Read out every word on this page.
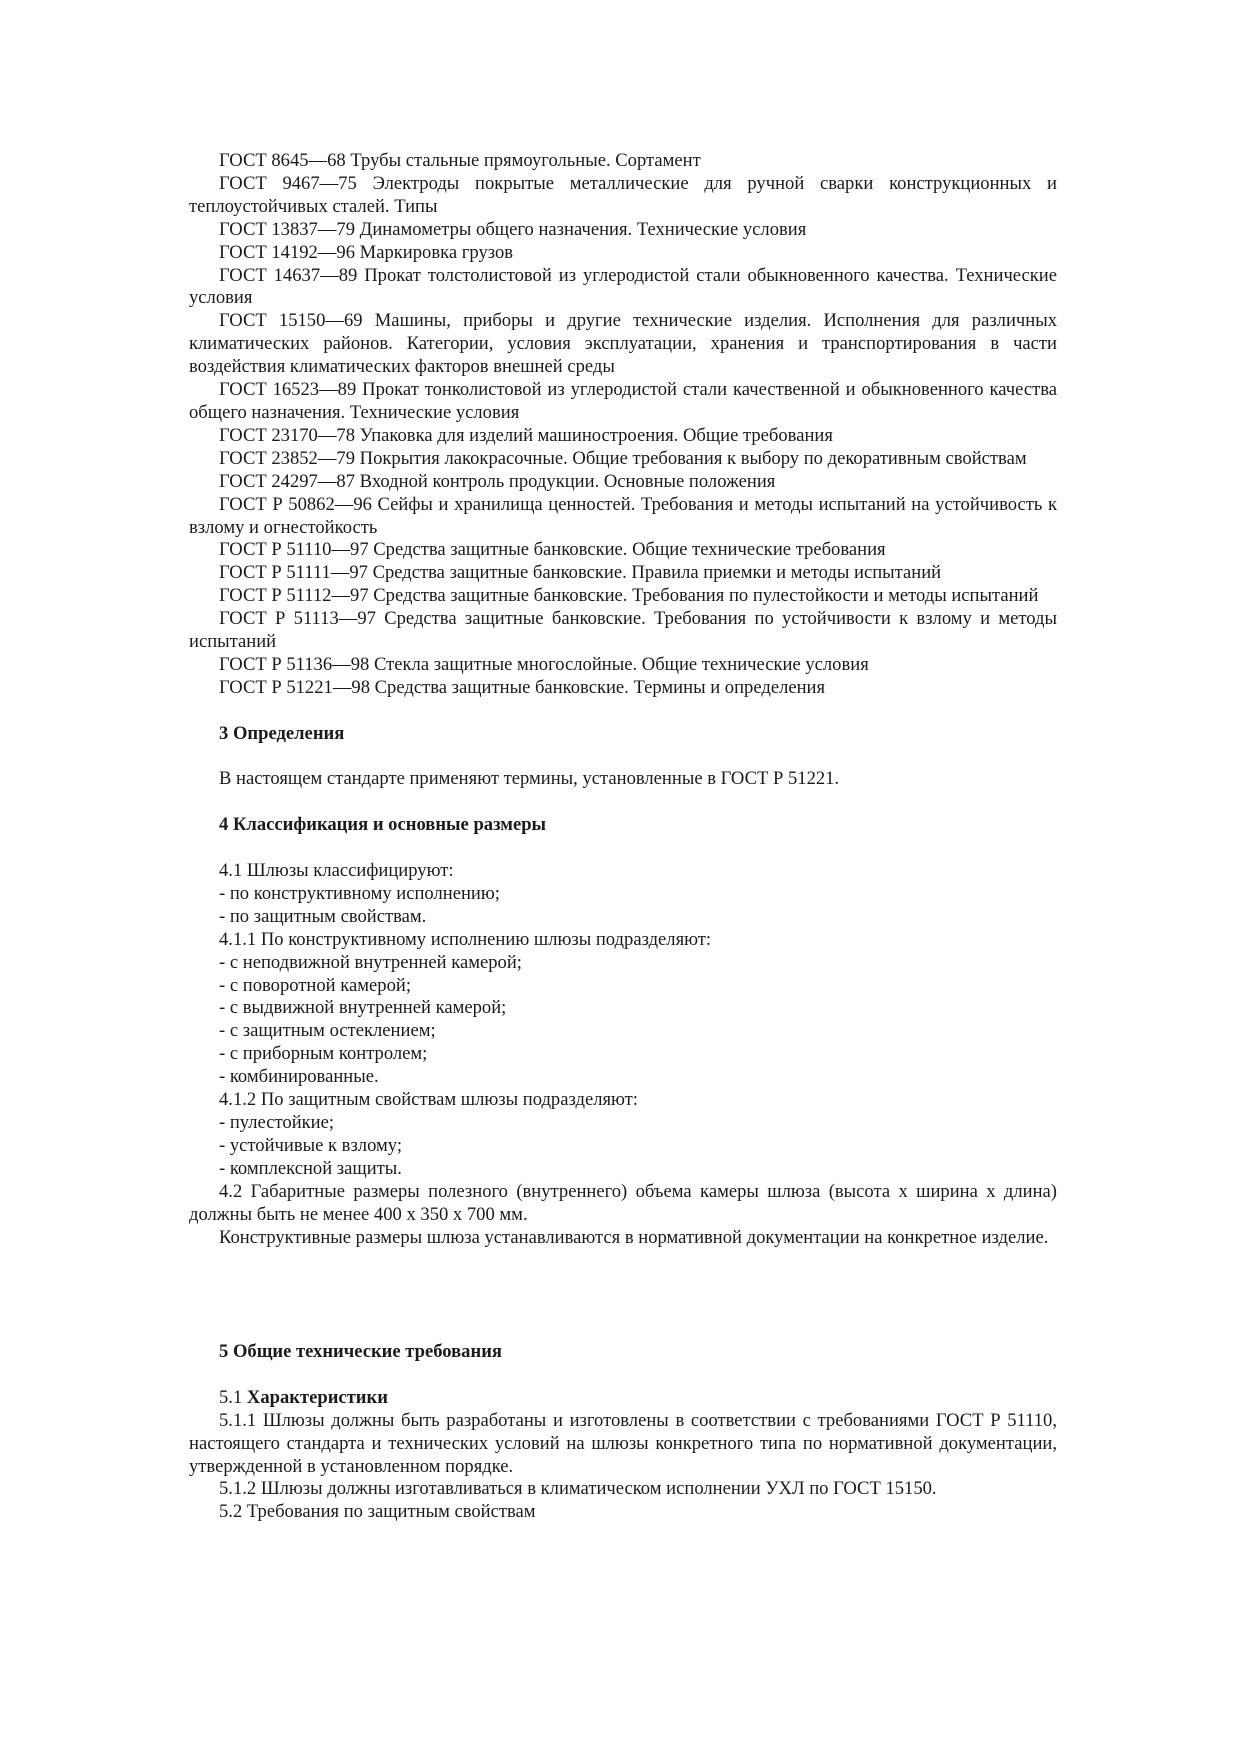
ГОСТ 8645—68 Трубы стальные прямоугольные. Сортамент

ГОСТ 9467—75 Электроды покрытые металлические для ручной сварки конструкционных и теплоустойчивых сталей. Типы

ГОСТ 13837—79 Динамометры общего назначения. Технические условия

ГОСТ 14192—96 Маркировка грузов

ГОСТ 14637—89 Прокат толстолистовой из углеродистой стали обыкновенного качества. Технические условия

ГОСТ 15150—69 Машины, приборы и другие технические изделия. Исполнения для различных климатических районов. Категории, условия эксплуатации, хранения и транспортирования в части воздействия климатических факторов внешней среды

ГОСТ 16523—89 Прокат тонколистовой из углеродистой стали качественной и обыкновенного качества общего назначения. Технические условия

ГОСТ 23170—78 Упаковка для изделий машиностроения. Общие требования

ГОСТ 23852—79 Покрытия лакокрасочные. Общие требования к выбору по декоративным свойствам

ГОСТ 24297—87 Входной контроль продукции. Основные положения

ГОСТ Р 50862—96 Сейфы и хранилища ценностей. Требования и методы испытаний на устойчивость к взлому и огнестойкость

ГОСТ Р 51110—97 Средства защитные банковские. Общие технические требования

ГОСТ Р 51111—97 Средства защитные банковские. Правила приемки и методы испытаний

ГОСТ Р 51112—97 Средства защитные банковские. Требования по пулестойкости и методы испытаний

ГОСТ Р 51113—97 Средства защитные банковские. Требования по устойчивости к взлому и методы испытаний

ГОСТ Р 51136—98 Стекла защитные многослойные. Общие технические условия

ГОСТ Р 51221—98 Средства защитные банковские. Термины и определения

3 Определения

В настоящем стандарте применяют термины, установленные в ГОСТ Р 51221.

4 Классификация и основные размеры

4.1 Шлюзы классифицируют:

- по конструктивному исполнению;

- по защитным свойствам.

4.1.1 По конструктивному исполнению шлюзы подразделяют:

- с неподвижной внутренней камерой;

- с поворотной камерой;

- с выдвижной внутренней камерой;

- с защитным остеклением;

- с приборным контролем;

- комбинированные.

4.1.2 По защитным свойствам шлюзы подразделяют:

- пулестойкие;

- устойчивые к взлому;

- комплексной защиты.

4.2 Габаритные размеры полезного (внутреннего) объема камеры шлюза (высота х ширина х длина) должны быть не менее 400 х 350 х 700 мм.

Конструктивные размеры шлюза устанавливаются в нормативной документации на конкретное изделие.

5 Общие технические требования

5.1 Характеристики

5.1.1 Шлюзы должны быть разработаны и изготовлены в соответствии с требованиями ГОСТ Р 51110, настоящего стандарта и технических условий на шлюзы конкретного типа по нормативной документации, утвержденной в установленном порядке.

5.1.2 Шлюзы должны изготавливаться в климатическом исполнении УХЛ по ГОСТ 15150.

5.2 Требования по защитным свойствам
